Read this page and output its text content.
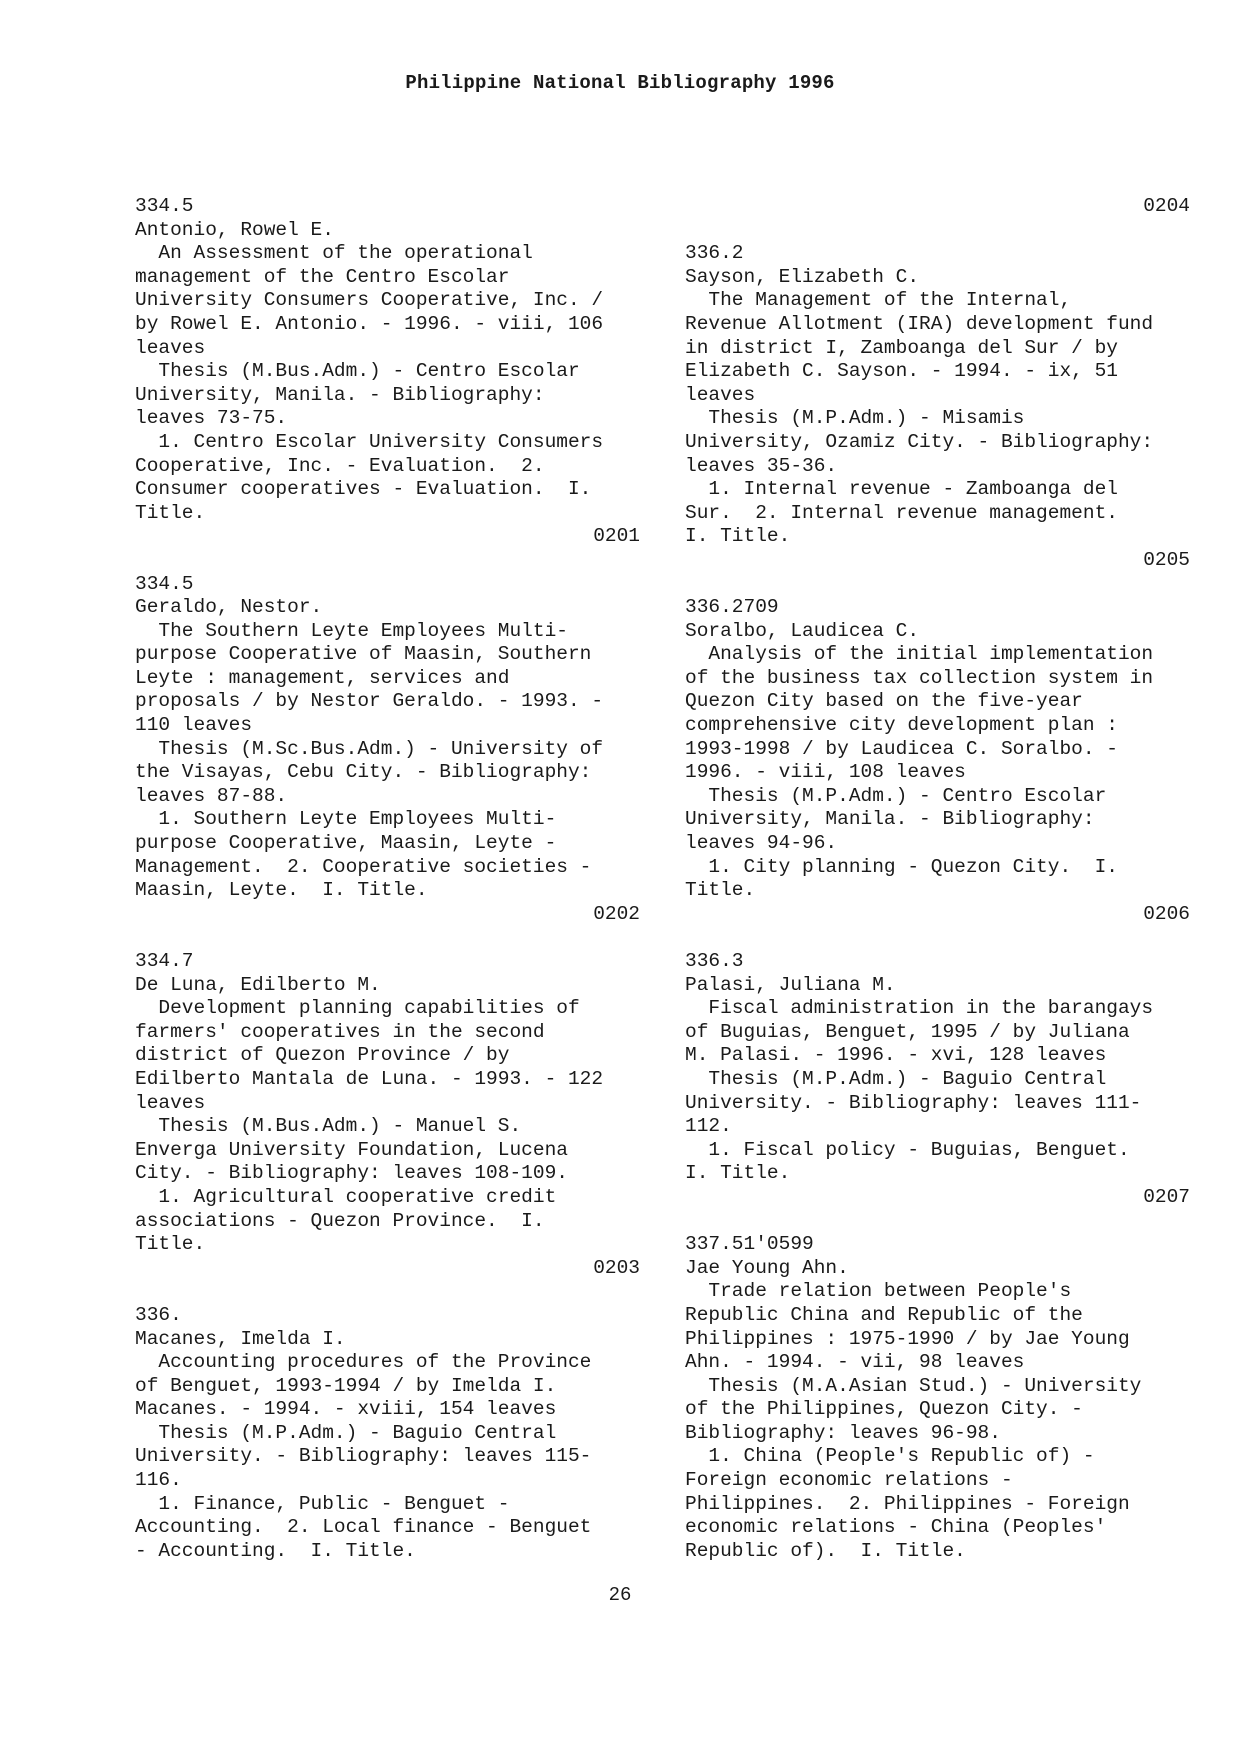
Philippine National Bibliography 1996
334.5
Antonio, Rowel E.
An Assessment of the operational
management of the Centro Escolar
University Consumers Cooperative, Inc. /
by Rowel E. Antonio. - 1996. - viii, 106
leaves
Thesis (M.Bus.Adm.) - Centro Escolar
University, Manila. - Bibliography:
leaves 73-75.
1. Centro Escolar University Consumers
Cooperative, Inc. - Evaluation.  2.
Consumer cooperatives - Evaluation.  I.
Title.
0201
334.5
Geraldo, Nestor.
The Southern Leyte Employees Multi-
purpose Cooperative of Maasin, Southern
Leyte : management, services and
proposals / by Nestor Geraldo. - 1993. -
110 leaves
Thesis (M.Sc.Bus.Adm.) - University of
the Visayas, Cebu City. - Bibliography:
leaves 87-88.
1. Southern Leyte Employees Multi-
purpose Cooperative, Maasin, Leyte -
Management.  2. Cooperative societies -
Maasin, Leyte.  I. Title.
0202
334.7
De Luna, Edilberto M.
Development planning capabilities of
farmers' cooperatives in the second
district of Quezon Province / by
Edilberto Mantala de Luna. - 1993. - 122
leaves
Thesis (M.Bus.Adm.) - Manuel S.
Enverga University Foundation, Lucena
City. - Bibliography: leaves 108-109.
1. Agricultural cooperative credit
associations - Quezon Province.  I.
Title.
0203
336.
Macanes, Imelda I.
Accounting procedures of the Province
of Benguet, 1993-1994 / by Imelda I.
Macanes. - 1994. - xviii, 154 leaves
Thesis (M.P.Adm.) - Baguio Central
University. - Bibliography: leaves 115-
116.
1. Finance, Public - Benguet -
Accounting.  2. Local finance - Benguet
- Accounting.  I. Title.
0204
336.2
Sayson, Elizabeth C.
The Management of the Internal,
Revenue Allotment (IRA) development fund
in district I, Zamboanga del Sur / by
Elizabeth C. Sayson. - 1994. - ix, 51
leaves
Thesis (M.P.Adm.) - Misamis
University, Ozamiz City. - Bibliography:
leaves 35-36.
1. Internal revenue - Zamboanga del
Sur.  2. Internal revenue management.
I. Title.
0205
336.2709
Soralbo, Laudicea C.
Analysis of the initial implementation
of the business tax collection system in
Quezon City based on the five-year
comprehensive city development plan :
1993-1998 / by Laudicea C. Soralbo. -
1996. - viii, 108 leaves
Thesis (M.P.Adm.) - Centro Escolar
University, Manila. - Bibliography:
leaves 94-96.
1. City planning - Quezon City.  I.
Title.
0206
336.3
Palasi, Juliana M.
Fiscal administration in the barangays
of Buguias, Benguet, 1995 / by Juliana
M. Palasi. - 1996. - xvi, 128 leaves
Thesis (M.P.Adm.) - Baguio Central
University. - Bibliography: leaves 111-
112.
1. Fiscal policy - Buguias, Benguet.
I. Title.
0207
337.51'0599
Jae Young Ahn.
Trade relation between People's
Republic China and Republic of the
Philippines : 1975-1990 / by Jae Young
Ahn. - 1994. - vii, 98 leaves
Thesis (M.A.Asian Stud.) - University
of the Philippines, Quezon City. -
Bibliography: leaves 96-98.
1. China (People's Republic of) -
Foreign economic relations -
Philippines.  2. Philippines - Foreign
economic relations - China (Peoples'
Republic of).  I. Title.
26
